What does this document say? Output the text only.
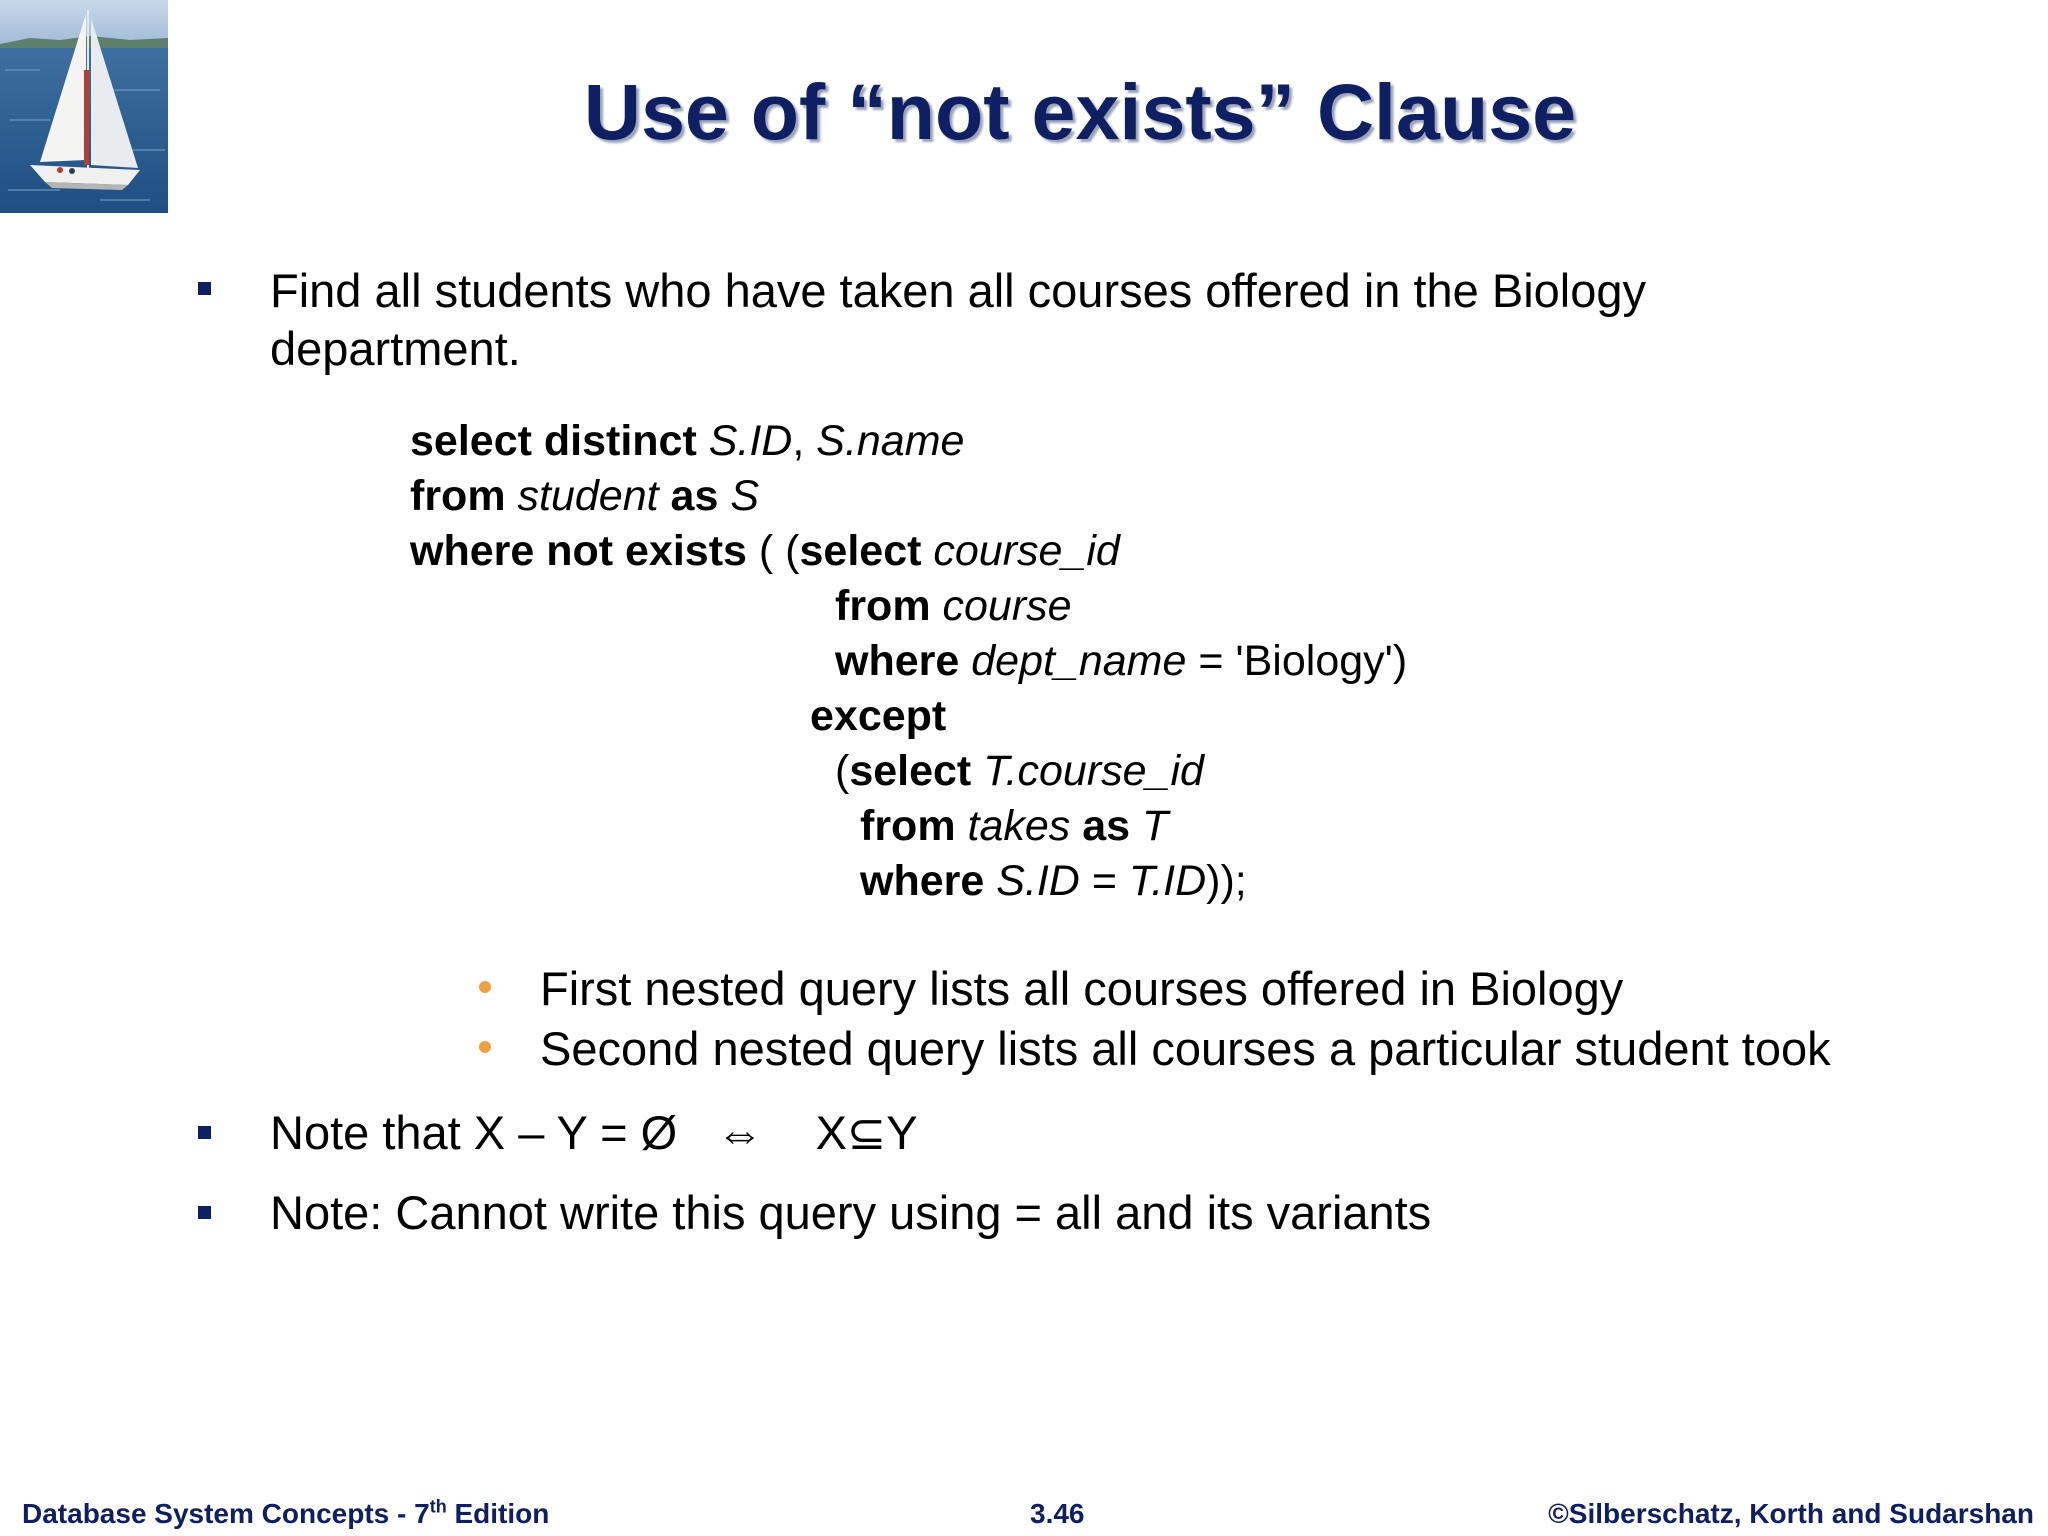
Use of “not exists” Clause
Find all students who have taken all courses offered in the Biology
department.
select distinct S.ID, S.name
from student as S
where not exists ( (select course_id
from course
where dept_name = 'Biology')
except
(select T.course_id
from takes as T
where S.ID = T.ID));
First nested query lists all courses offered in Biology
Second nested query lists all courses a particular student took
Note that X – Y = Ø   ⇔    X⊆Y
Note: Cannot write this query using = all and its variants
Database System Concepts - 7th Edition	3.46	©Silberschatz, Korth and Sudarshan
